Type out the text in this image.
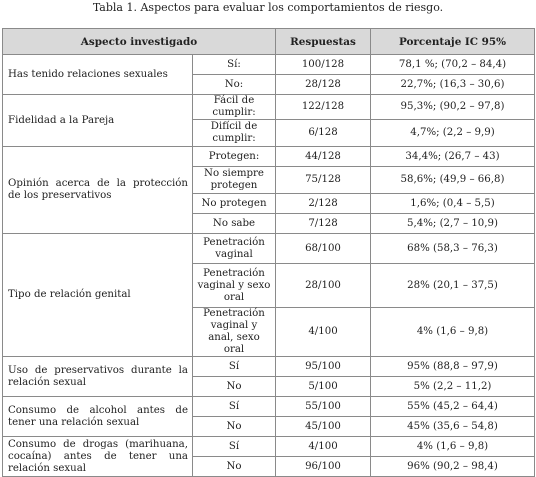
Tabla 1. Aspectos para evaluar los comportamientos de riesgo.
Aspecto investigado		Respuestas	Porcentaje IC 95%
Has tenido relaciones sexuales	Sí:	100/128	78,1 %; (70,2 – 84,4)
	No:	28/128	22,7%; (16,3 – 30,6)
Fidelidad a la Pareja	Fácil de cumplir:	122/128	95,3%; (90,2 – 97,8)
	Difícil de cumplir:	6/128	4,7%; (2,2 – 9,9)
Opinión acerca de la protección de los preservativos	Protegen:	44/128	34,4%; (26,7 – 43)
	No siempre protegen	75/128	58,6%; (49,9 – 66,8)
	No protegen	2/128	1,6%; (0,4 – 5,5)
	No sabe	7/128	5,4%; (2,7 – 10,9)
Tipo de relación genital	Penetración vaginal	68/100	68% (58,3 – 76,3)
	Penetración vaginal y sexo oral	28/100	28% (20,1 – 37,5)
	Penetración vaginal y anal, sexo oral	4/100	4% (1,6 – 9,8)
Uso de preservativos durante la relación sexual	Sí	95/100	95% (88,8 – 97,9)
	No	5/100	5% (2,2 – 11,2)
Consumo de alcohol antes de tener una relación sexual	Sí	55/100	55% (45,2 – 64,4)
	No	45/100	45% (35,6 – 54,8)
Consumo de drogas (marihuana, cocaína) antes de tener una relación sexual	Sí	4/100	4% (1,6 – 9,8)
	No	96/100	96% (90,2 – 98,4)
